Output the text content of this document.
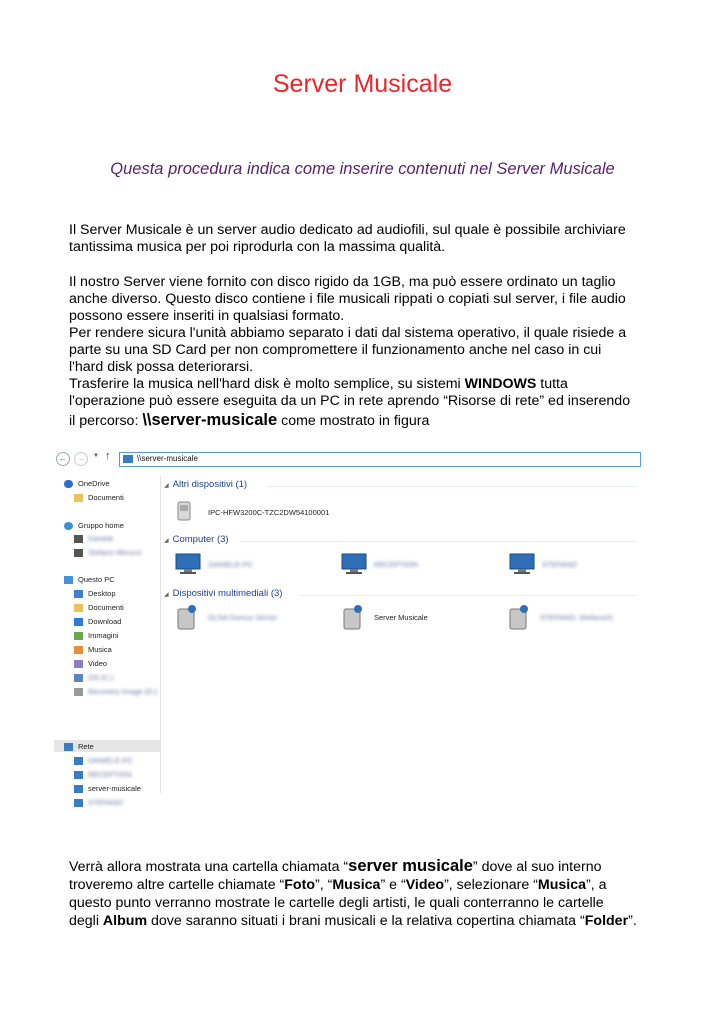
Server Musicale
Questa procedura indica come inserire contenuti nel Server Musicale
Il Server Musicale è un server audio dedicato ad audiofili, sul quale è possibile archiviare
tantissima musica per poi riprodurla con la massima qualità.
Il nostro Server viene fornito con disco rigido da 1GB, ma può essere ordinato un taglio
anche diverso. Questo disco contiene i file musicali rippati o copiati sul server, i file audio
possono essere inseriti in qualsiasi formato.
Per rendere sicura l'unità abbiamo separato i dati dal sistema operativo, il quale risiede a
parte su una SD Card per non compromettere il funzionamento anche nel caso in cui
l'hard disk possa deteriorarsi.
Trasferire la musica nell'hard disk è molto semplice, su sistemi WINDOWS tutta
l'operazione può essere eseguita da un PC in rete aprendo “Risorse di rete” ed inserendo
il percorso: \\server-musicale come mostrato in figura
←	→	▼ ↑	\\server-musicale
OneDrive
Documenti
Gruppo home
Daniele
Stefano Minucci
Questo PC
Desktop
Documenti
Download
Immagini
Musica
Video
OS (C:)
Recovery Image (D:)
Rete
DANIELE-PC
RECEPTION
server-musicale
STEFANO
◢ Altri dispositivi (1)
IPC-HFW3200C-TZC2DW54100001
◢ Computer (3)
DANIELE-PC	RECEPTION	STEFANO
◢ Dispositivi multimediali (3)
DLNA Domus Server	Server Musicale	STEFANO: Stefano01
Verrà allora mostrata una cartella chiamata “server musicale” dove al suo interno
troveremo altre cartelle chiamate “Foto”, “Musica” e “Video”, selezionare “Musica”, a
questo punto verranno mostrate le cartelle degli artisti, le quali conterranno le cartelle
degli Album dove saranno situati i brani musicali e la relativa copertina chiamata “Folder”.
